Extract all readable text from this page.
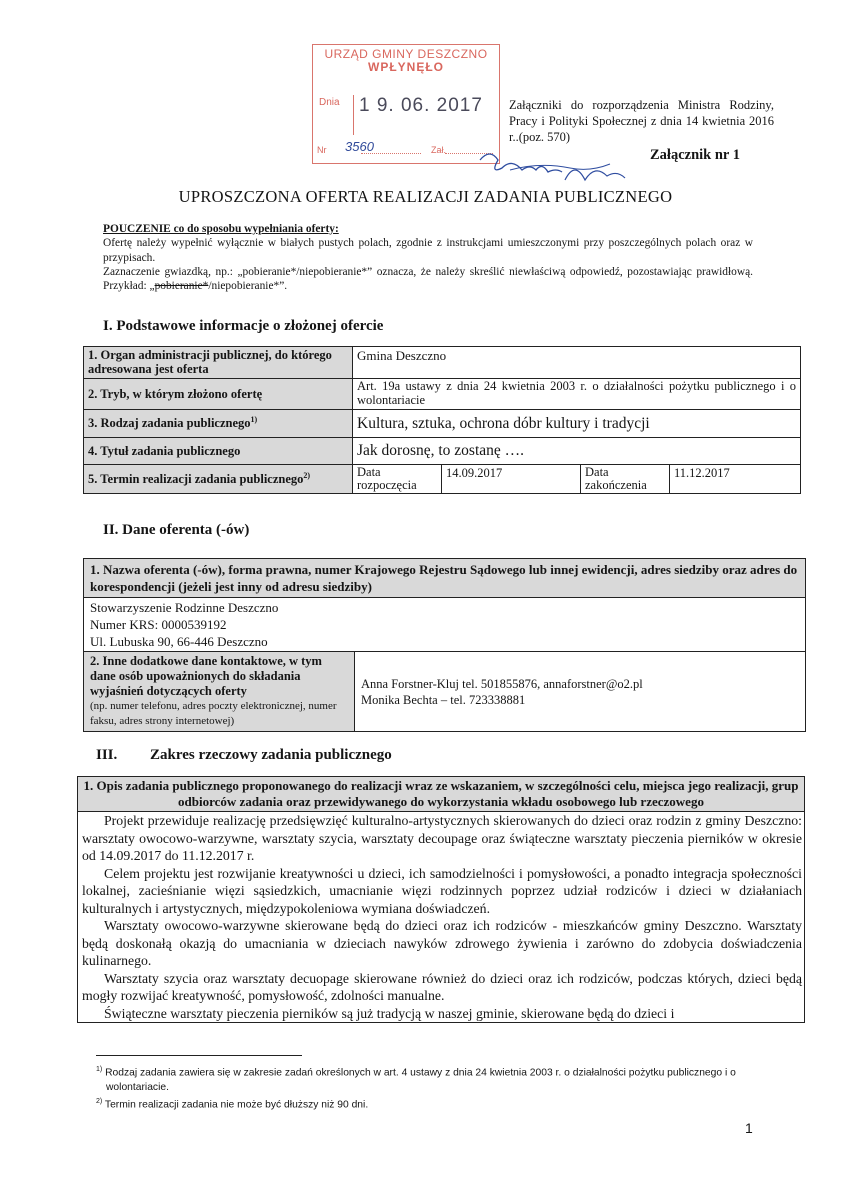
URZĄD GMINY DESZCZNO
WPŁYNĘŁO
Dnia 1 9. 06. 2017
Nr 3560	Zał.
Załączniki do rozporządzenia Ministra Rodziny, Pracy i Polityki Społecznej z dnia 14 kwietnia 2016 r..(poz. 570)
Załącznik nr 1
UPROSZCZONA OFERTA REALIZACJI ZADANIA PUBLICZNEGO
POUCZENIE co do sposobu wypełniania oferty:
Ofertę należy wypełnić wyłącznie w białych pustych polach, zgodnie z instrukcjami umieszczonymi przy poszczególnych polach oraz w przypisach.
Zaznaczenie gwiazdką, np.: „pobieranie*/niepobieranie*” oznacza, że należy skreślić niewłaściwą odpowiedź, pozostawiając prawidłową. Przykład: „pobieranie*/niepobieranie*”.
I. Podstawowe informacje o złożonej ofercie
1. Organ administracji publicznej, do którego adresowana jest oferta	Gmina Deszczno			
2. Tryb, w którym złożono ofertę	Art. 19a ustawy z dnia 24 kwietnia 2003 r. o działalności pożytku publicznego i o wolontariacie			
3. Rodzaj zadania publicznego$^{1)}$	Kultura, sztuka, ochrona dóbr kultury i tradycji			
4. Tytuł zadania publicznego	Jak dorosnę, to zostanę ….			
5. Termin realizacji zadania publicznego$^{2)}$	Data rozpoczęcia	14.09.2017	Data zakończenia	11.12.2017
II. Dane oferenta (-ów)
1. Nazwa oferenta (-ów), forma prawna, numer Krajowego Rejestru Sądowego lub innej ewidencji, adres siedziby oraz adres do korespondencji (jeżeli jest inny od adresu siedziby)

Stowarzyszenie Rodzinne Deszczno
Numer KRS: 0000539192
Ul. Lubuska 90, 66-446 Deszczno

2. Inne dodatkowe dane kontaktowe, w tym dane osób upoważnionych do składania wyjaśnień dotyczących oferty
(np. numer telefonu, adres poczty elektronicznej, numer faksu, adres strony internetowej)

Anna Forstner-Kluj tel. 501855876, annaforstner@o2.pl
Monika Bechta – tel. 723338881
III. Zakres rzeczowy zadania publicznego
1. Opis zadania publicznego proponowanego do realizacji wraz ze wskazaniem, w szczególności celu, miejsca jego realizacji, grup odbiorców zadania oraz przewidywanego do wykorzystania wkładu osobowego lub rzeczowego

Projekt przewiduje realizację przedsięwzięć kulturalno-artystycznych skierowanych do dzieci oraz rodzin z gminy Deszczno: warsztaty owocowo-warzywne, warsztaty szycia, warsztaty decoupage oraz świąteczne warsztaty pieczenia pierników w okresie od 14.09.2017 do 11.12.2017 r.

Celem projektu jest rozwijanie kreatywności u dzieci, ich samodzielności i pomysłowości, a ponadto integracja społeczności lokalnej, zacieśnianie więzi sąsiedzkich, umacnianie więzi rodzinnych poprzez udział rodziców i dzieci w działaniach kulturalnych i artystycznych, międzypokoleniowa wymiana doświadczeń.

Warsztaty owocowo-warzywne skierowane będą do dzieci oraz ich rodziców - mieszkańców gminy Deszczno. Warsztaty będą doskonałą okazją do umacniania w dzieciach nawyków zdrowego żywienia i zarówno do zdobycia doświadczenia kulinarnego.

Warsztaty szycia oraz warsztaty decuopage skierowane również do dzieci oraz ich rodziców, podczas których, dzieci będą mogły rozwijać kreatywność, pomysłowość, zdolności manualne.

Świąteczne warsztaty pieczenia pierników są już tradycją w naszej gminie, skierowane będą do dzieci i

$^{1)}$ Rodzaj zadania zawiera się w zakresie zadań określonych w art. 4 ustawy z dnia 24 kwietnia 2003 r. o działalności pożytku publicznego i o wolontariacie.
$^{2)}$ Termin realizacji zadania nie może być dłuższy niż 90 dni.
1
